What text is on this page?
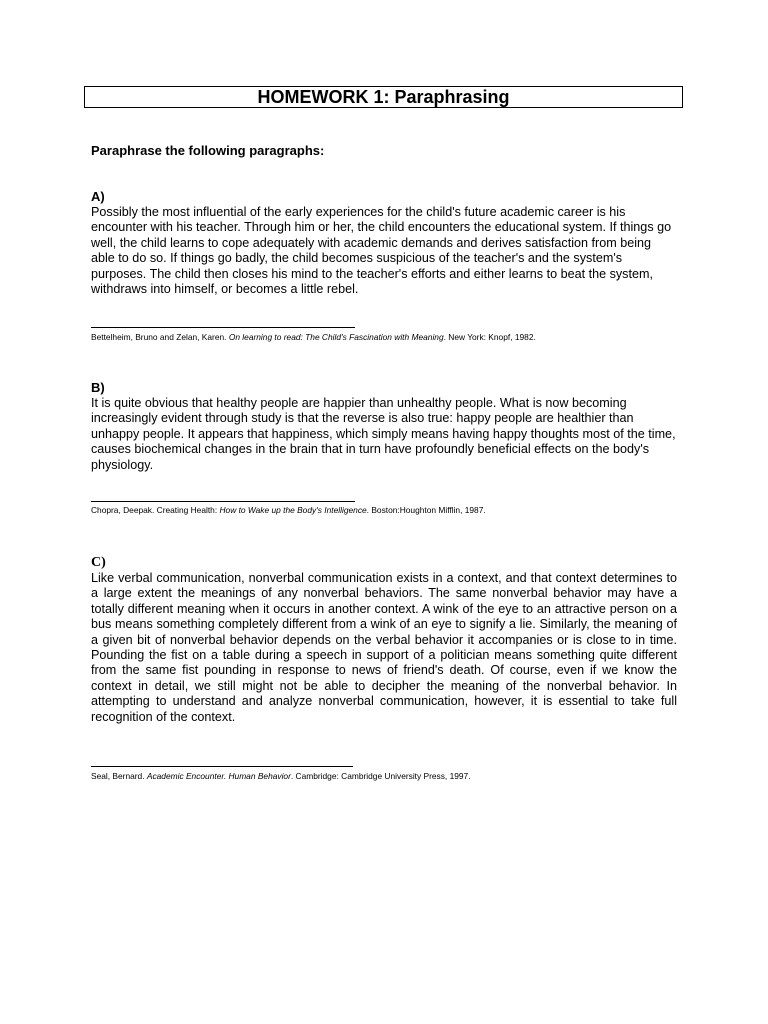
HOMEWORK 1: Paraphrasing
Paraphrase the following paragraphs:

A)

Possibly the most influential of the early experiences for the child's future academic career is his encounter with his teacher. Through him or her, the child encounters the educational system. If things go well, the child learns to cope adequately with academic demands and derives satisfaction from being able to do so. If things go badly, the child becomes suspicious of the teacher's and the system's purposes. The child then closes his mind to the teacher's efforts and either learns to beat the system, withdraws into himself, or becomes a little rebel.

Bettelheim, Bruno and Zelan, Karen. On learning to read: The Child's Fascination with Meaning. New York: Knopf, 1982.

B)

It is quite obvious that healthy people are happier than unhealthy people. What is now becoming increasingly evident through study is that the reverse is also true: happy people are healthier than unhappy people. It appears that happiness, which simply means having happy thoughts most of the time, causes biochemical changes in the brain that in turn have profoundly beneficial effects on the body's physiology.

Chopra, Deepak. Creating Health: How to Wake up the Body's Intelligence. Boston:Houghton Mifflin, 1987.

C)

Like verbal communication, nonverbal communication exists in a context, and that context determines to a large extent the meanings of any nonverbal behaviors. The same nonverbal behavior may have a totally different meaning when it occurs in another context. A wink of the eye to an attractive person on a bus means something completely different from a wink of an eye to signify a lie. Similarly, the meaning of a given bit of nonverbal behavior depends on the verbal behavior it accompanies or is close to in time. Pounding the fist on a table during a speech in support of a politician means something quite different from the same fist pounding in response to news of friend's death. Of course, even if we know the context in detail, we still might not be able to decipher the meaning of the nonverbal behavior. In attempting to understand and analyze nonverbal communication, however, it is essential to take full recognition of the context.

Seal, Bernard. Academic Encounter. Human Behavior. Cambridge: Cambridge University Press, 1997.
